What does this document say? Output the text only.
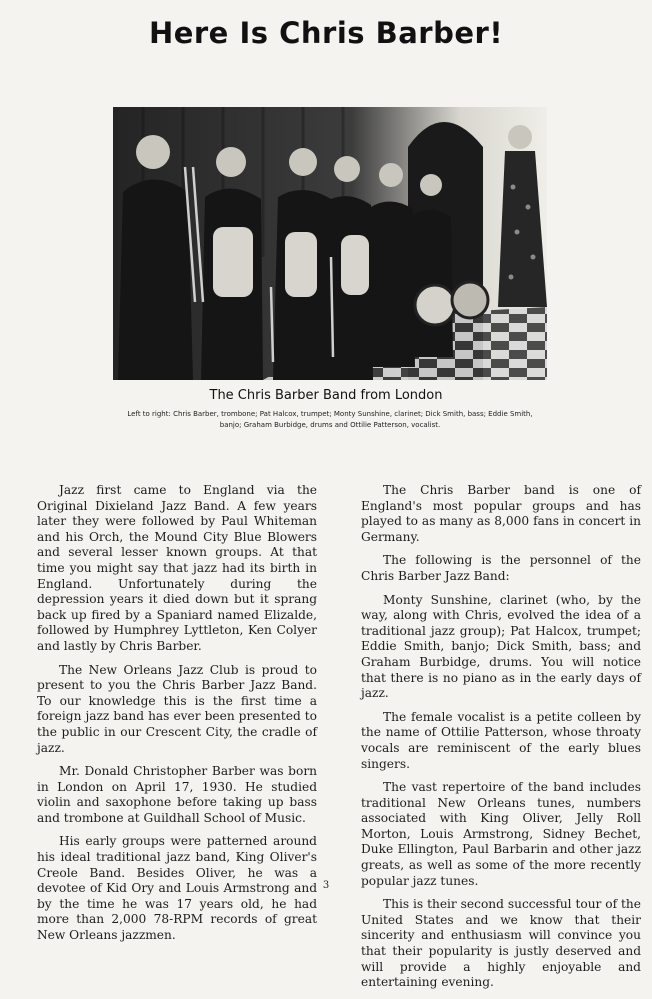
Here Is Chris Barber!
The Chris Barber Band from London
Left to right: Chris Barber, trombone; Pat Halcox, trumpet; Monty Sunshine, clarinet; Dick Smith, bass; Eddie Smith, banjo; Graham Burbidge, drums and Ottilie Patterson, vocalist.

Jazz first came to England via the Original Dixieland Jazz Band. A few years later they were followed by Paul Whiteman and his Orch, the Mound City Blue Blowers and several lesser known groups. At that time you might say that jazz had its birth in England. Unfortunately during the depression years it died down but it sprang back up fired by a Spaniard named Elizalde, followed by Humphrey Lyttleton, Ken Colyer and lastly by Chris Barber.

The New Orleans Jazz Club is proud to present to you the Chris Barber Jazz Band. To our knowledge this is the first time a foreign jazz band has ever been presented to the public in our Crescent City, the cradle of jazz.

Mr. Donald Christopher Barber was born in London on April 17, 1930. He studied violin and saxophone before taking up bass and trombone at Guildhall School of Music.

His early groups were patterned around his ideal traditional jazz band, King Oliver's Creole Band. Besides Oliver, he was a devotee of Kid Ory and Louis Armstrong and by the time he was 17 years old, he had more than 2,000 78-RPM records of great New Orleans jazzmen.

The Chris Barber band is one of England's most popular groups and has played to as many as 8,000 fans in concert in Germany.

The following is the personnel of the Chris Barber Jazz Band:

Monty Sunshine, clarinet (who, by the way, along with Chris, evolved the idea of a traditional jazz group); Pat Halcox, trumpet; Eddie Smith, banjo; Dick Smith, bass; and Graham Burbidge, drums. You will notice that there is no piano as in the early days of jazz.

The female vocalist is a petite colleen by the name of Ottilie Patterson, whose throaty vocals are reminiscent of the early blues singers.

The vast repertoire of the band includes traditional New Orleans tunes, numbers associated with King Oliver, Jelly Roll Morton, Louis Armstrong, Sidney Bechet, Duke Ellington, Paul Barbarin and other jazz greats, as well as some of the more recently popular jazz tunes.

This is their second successful tour of the United States and we know that their sincerity and enthusiasm will convince you that their popularity is justly deserved and will provide a highly enjoyable and entertaining evening.

3
